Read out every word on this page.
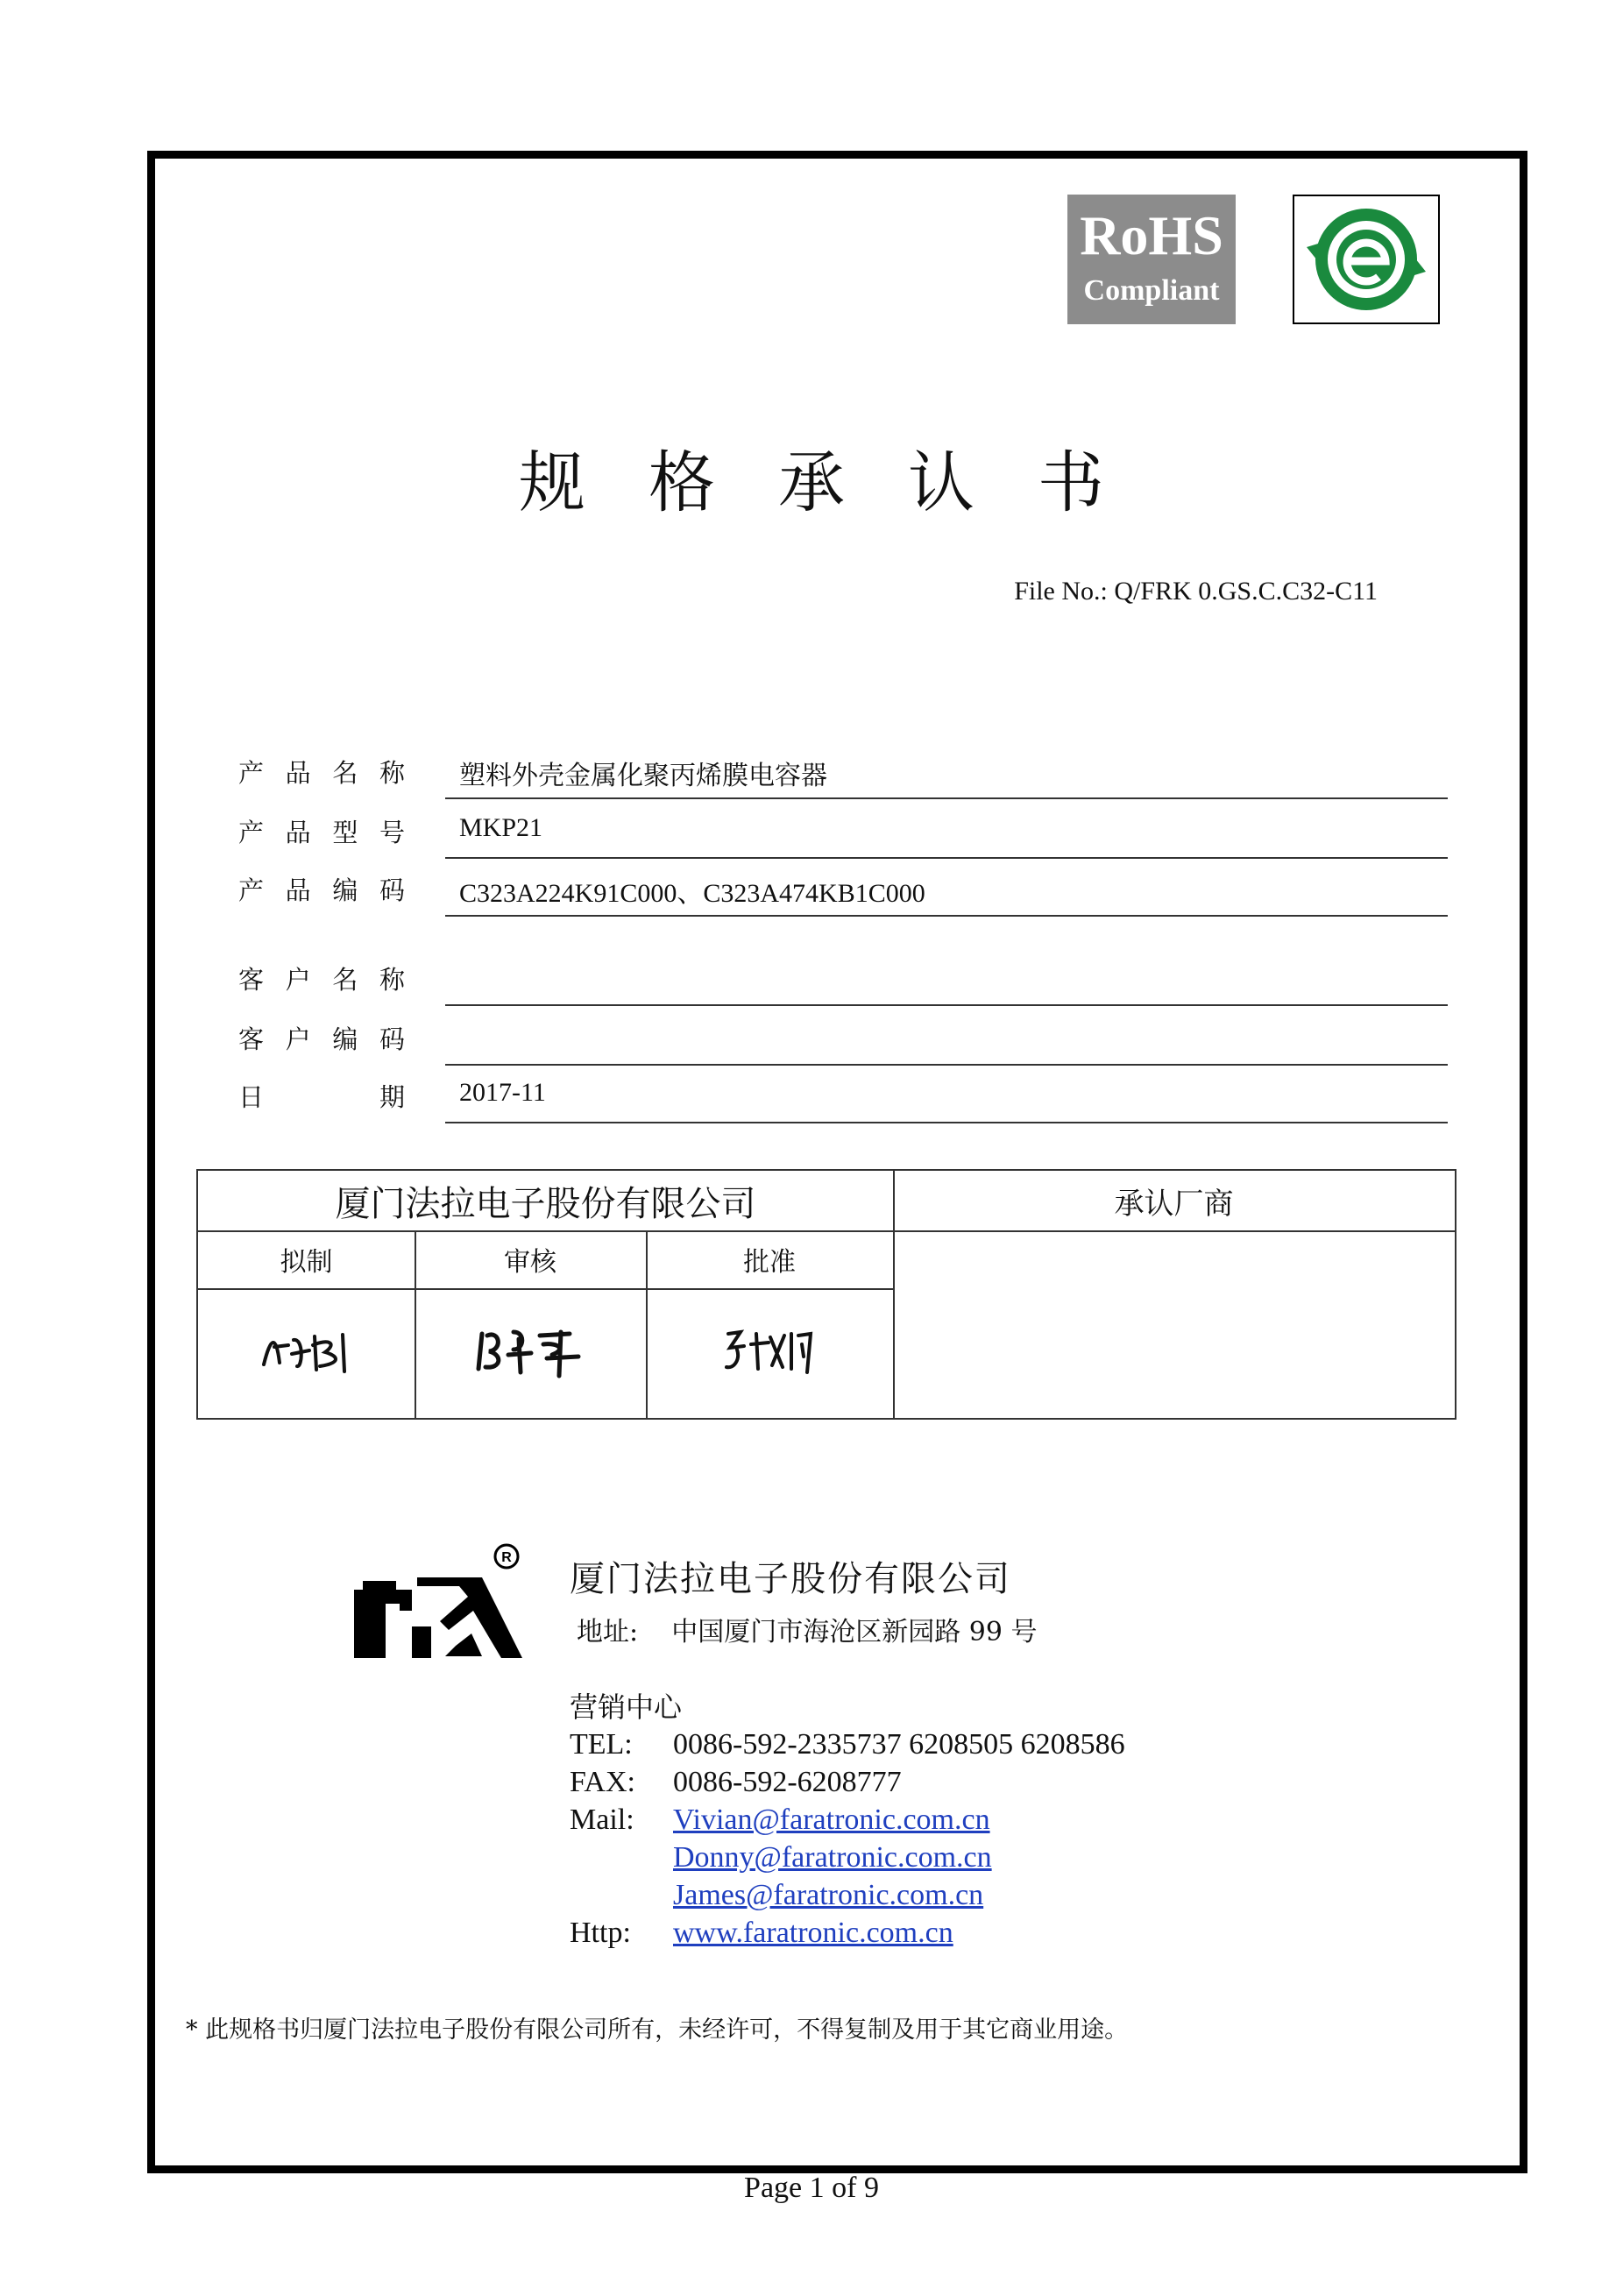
RoHS
Compliant
规格承认书
File No.: Q/FRK 0.GS.C.C32-C11
产 品 名 称 塑料外壳金属化聚丙烯膜电容器
产 品 型 号 MKP21
产 品 编 码 C323A224K91C000、C323A474KB1C000
客 户 名 称
客 户 编 码
日	期 2017-11
厦门法拉电子股份有限公司	承认厂商
拟制	审核	批准
R
厦门法拉电子股份有限公司
地址: 中国厦门市海沧区新园路 99 号
营销中心
TEL:	0086-592-2335737 6208505 6208586
FAX:	0086-592-6208777
Mail:	Vivian@faratronic.com.cn
Donny@faratronic.com.cn
James@faratronic.com.cn
Http:	www.faratronic.com.cn
* 此规格书归厦门法拉电子股份有限公司所有，未经许可，不得复制及用于其它商业用途。
Page 1 of 9
